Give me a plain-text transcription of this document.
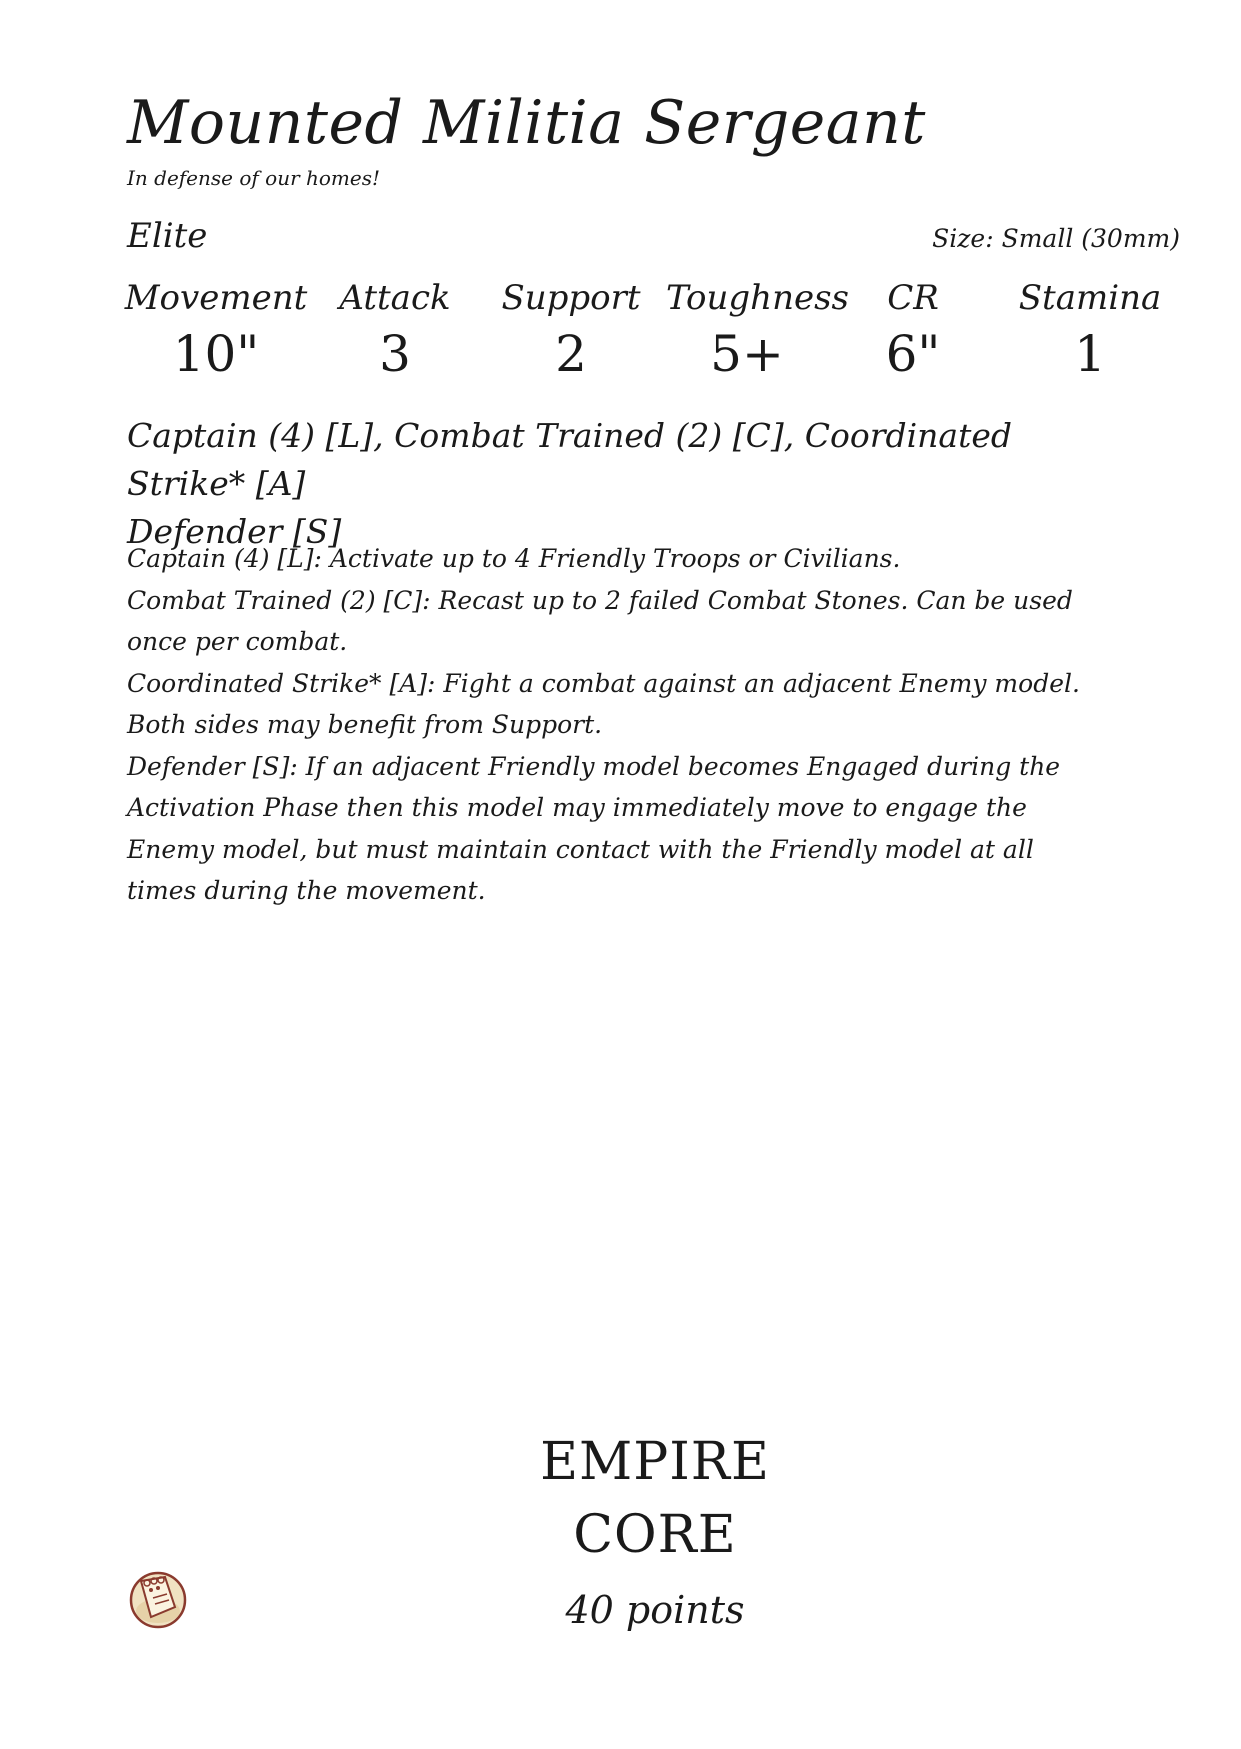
Mounted Militia Sergeant
In defense of our homes!
Elite	Size: Small (30mm)
Movement
10"
Attack
3
Support
2
Toughness
5+
CR
6"
Stamina
1
Captain (4) [L], Combat Trained (2) [C], Coordinated Strike* [A]
Defender [S]

Captain (4) [L]: Activate up to 4 Friendly Troops or Civilians.

Combat Trained (2) [C]: Recast up to 2 failed Combat Stones. Can be used once per combat.

Coordinated Strike* [A]: Fight a combat against an adjacent Enemy model. Both sides may benefit from Support.

Defender [S]: If an adjacent Friendly model becomes Engaged during the Activation Phase then this model may immediately move to engage the Enemy model, but must maintain contact with the Friendly model at all times during the movement.

EMPIRE
CORE
40 points
